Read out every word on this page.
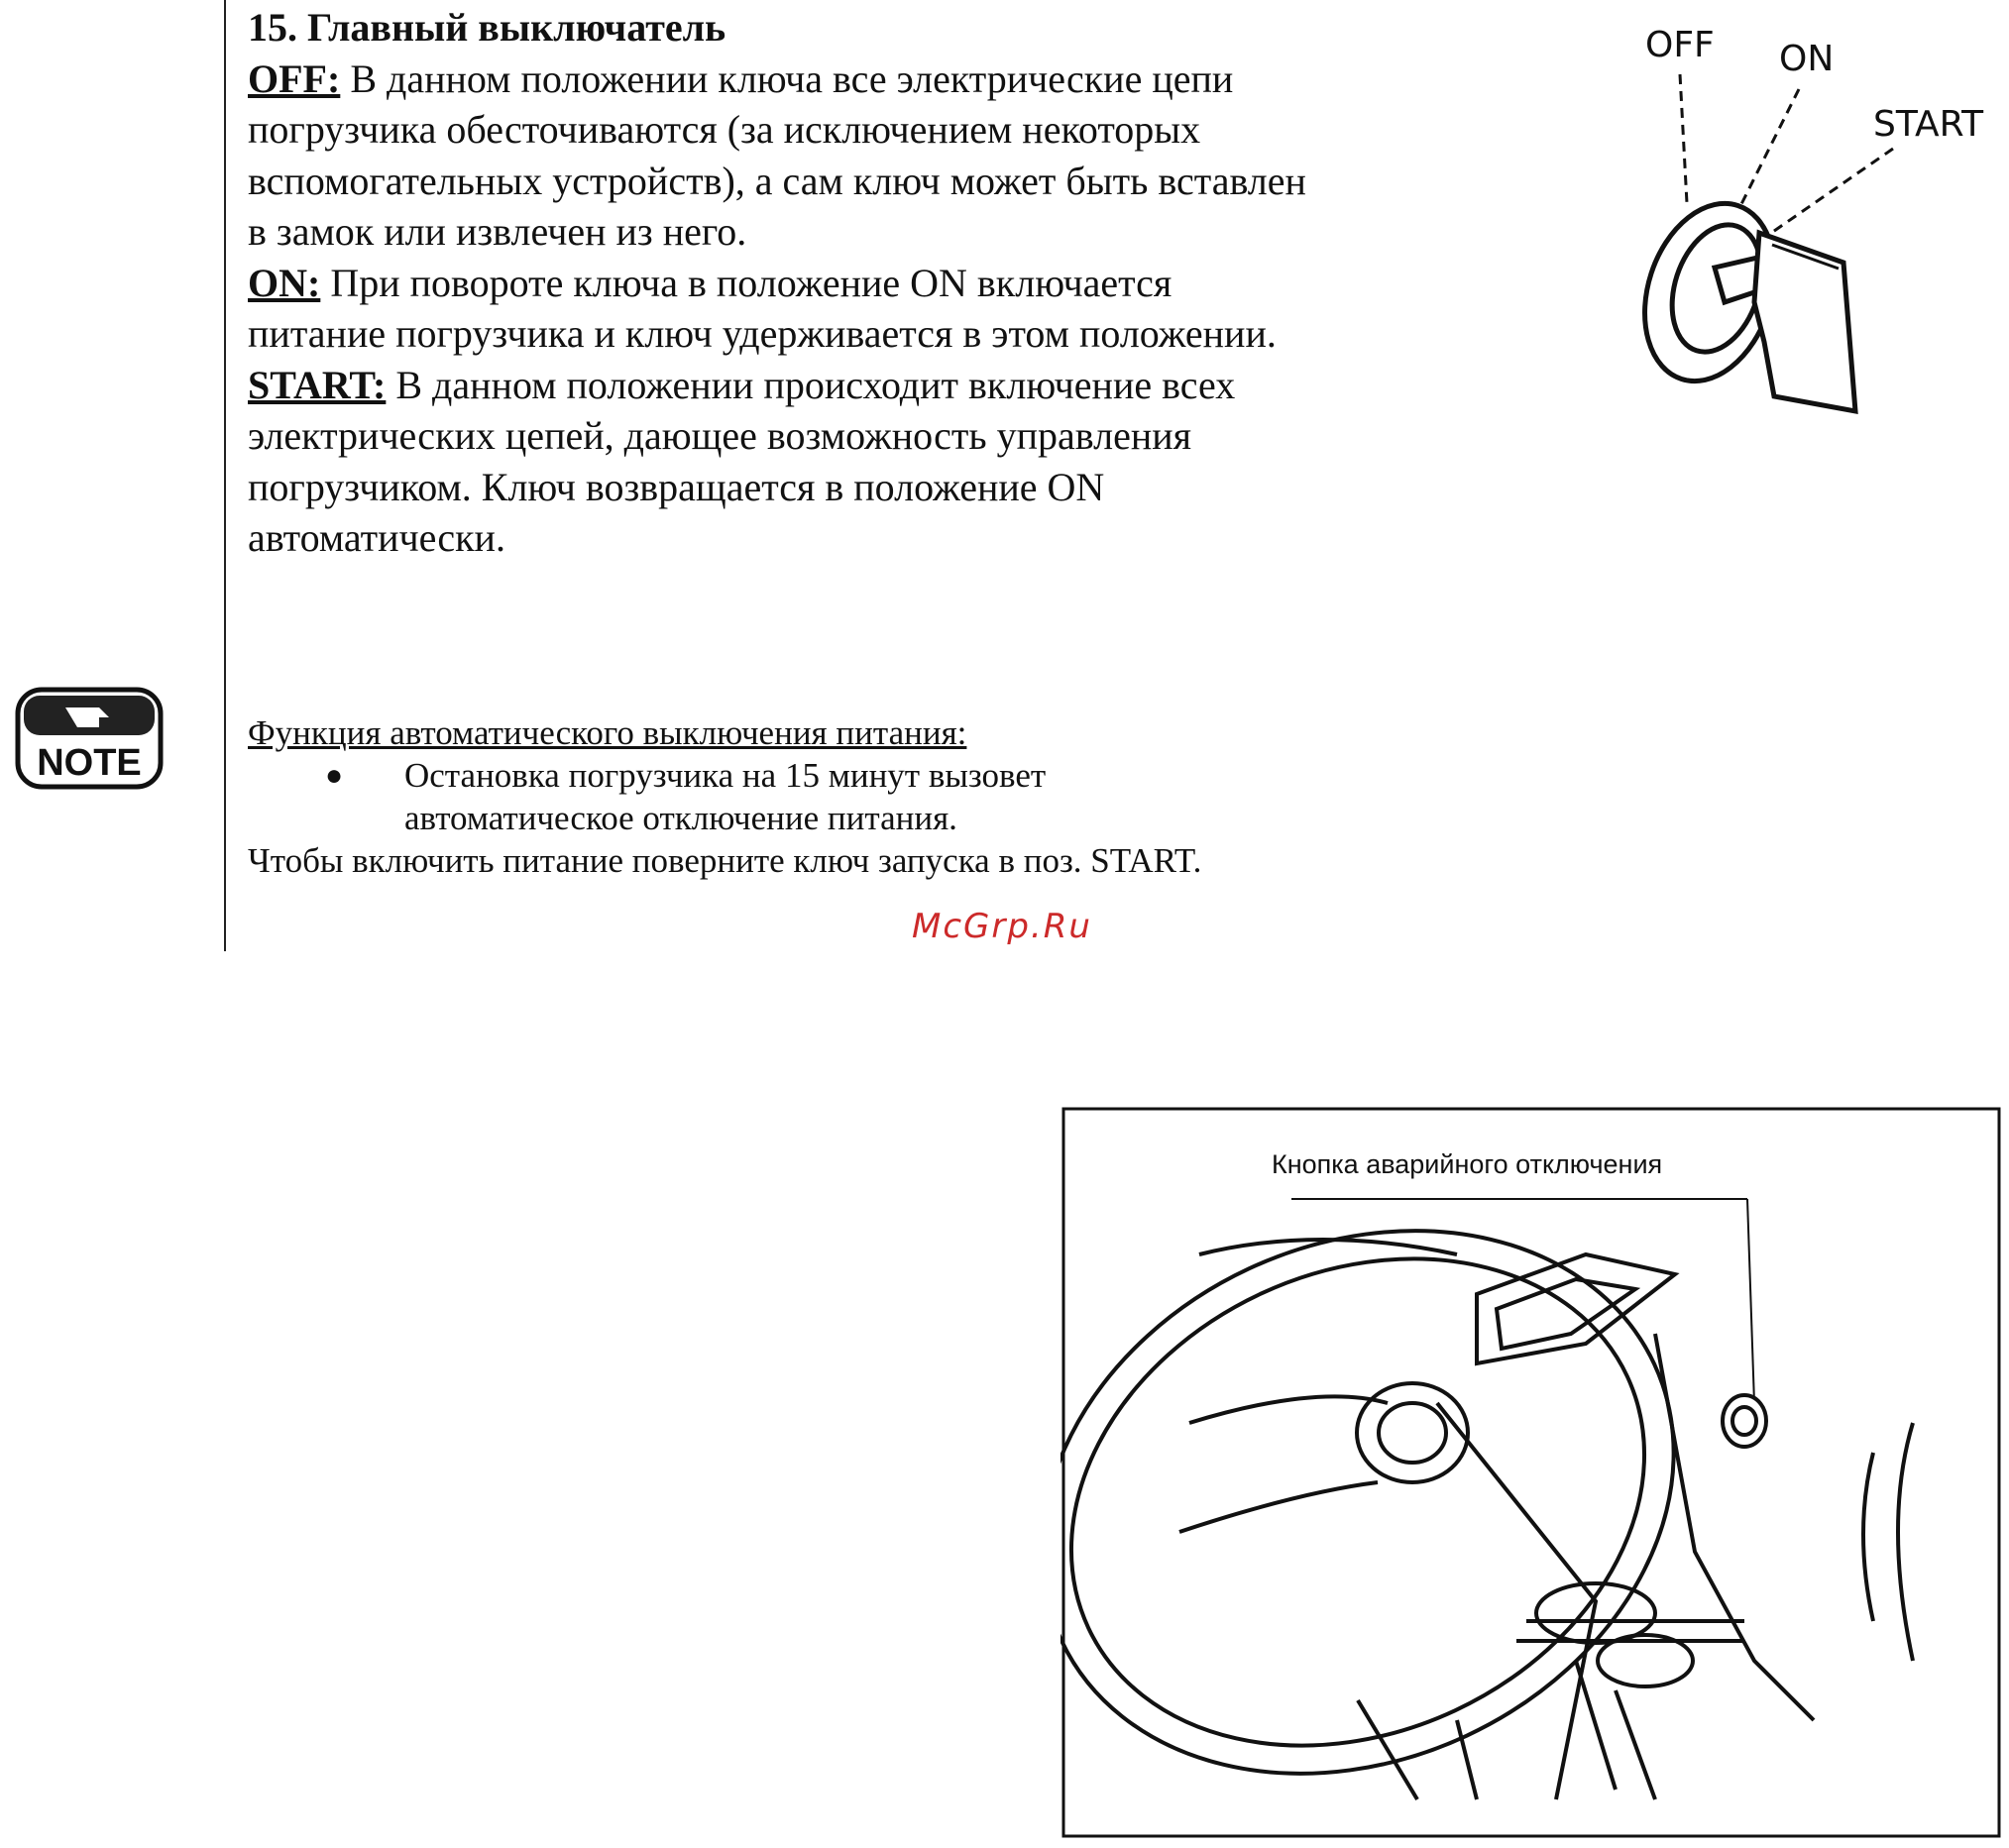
15. Главный выключатель

OFF: В данном положении ключа все электрические цепи погрузчика обесточиваются (за исключением некоторых вспомогательных устройств), а сам ключ может быть вставлен в замок или извлечен из него.

ON: При повороте ключа в положение ON включается питание погрузчика и ключ удерживается в этом положении.

START: В данном положении происходит включение всех электрических цепей, дающее возможность управления погрузчиком. Ключ возвращается в положение ON автоматически.

NOTE

Функция автоматического выключения питания:

●	Остановка погрузчика на 15 минут вызовет автоматическое отключение питания.

Чтобы включить питание поверните ключ запуска в поз. START.

McGrp.Ru
OFF ON
START
Кнопка аварийного отключения
